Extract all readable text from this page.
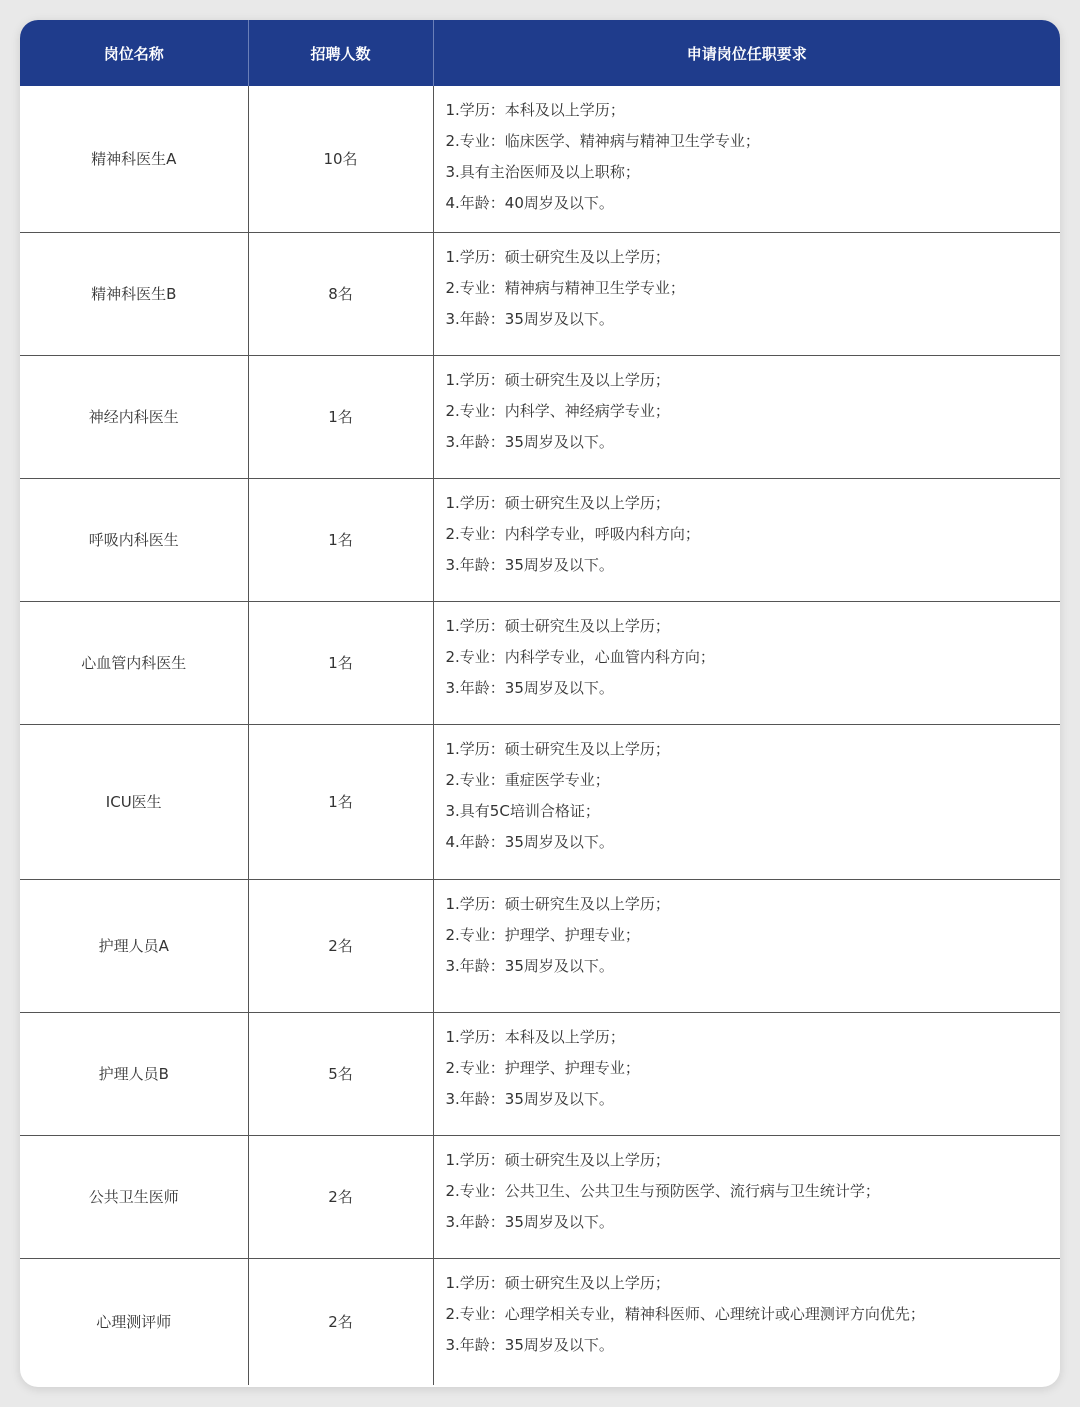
岗位名称	招聘人数	申请岗位任职要求
精神科医生A	10名	1.学历：本科及以上学历；
2.专业：临床医学、精神病与精神卫生学专业；
3.具有主治医师及以上职称；
4.年龄：40周岁及以下。

精神科医生B	8名	1.学历：硕士研究生及以上学历；
2.专业：精神病与精神卫生学专业；
3.年龄：35周岁及以下。

神经内科医生	1名	1.学历：硕士研究生及以上学历；
2.专业：内科学、神经病学专业；
3.年龄：35周岁及以下。

呼吸内科医生	1名	1.学历：硕士研究生及以上学历；
2.专业：内科学专业，呼吸内科方向；
3.年龄：35周岁及以下。

心血管内科医生	1名	1.学历：硕士研究生及以上学历；
2.专业：内科学专业，心血管内科方向；
3.年龄：35周岁及以下。

ICU医生	1名	1.学历：硕士研究生及以上学历；
2.专业：重症医学专业；
3.具有5C培训合格证；
4.年龄：35周岁及以下。

护理人员A	2名	1.学历：硕士研究生及以上学历；
2.专业：护理学、护理专业；
3.年龄：35周岁及以下。

护理人员B	5名	1.学历：本科及以上学历；
2.专业：护理学、护理专业；
3.年龄：35周岁及以下。

公共卫生医师	2名	1.学历：硕士研究生及以上学历；
2.专业：公共卫生、公共卫生与预防医学、流行病与卫生统计学；
3.年龄：35周岁及以下。

心理测评师	2名	1.学历：硕士研究生及以上学历；
2.专业：心理学相关专业，精神科医师、心理统计或心理测评方向优先；
3.年龄：35周岁及以下。
